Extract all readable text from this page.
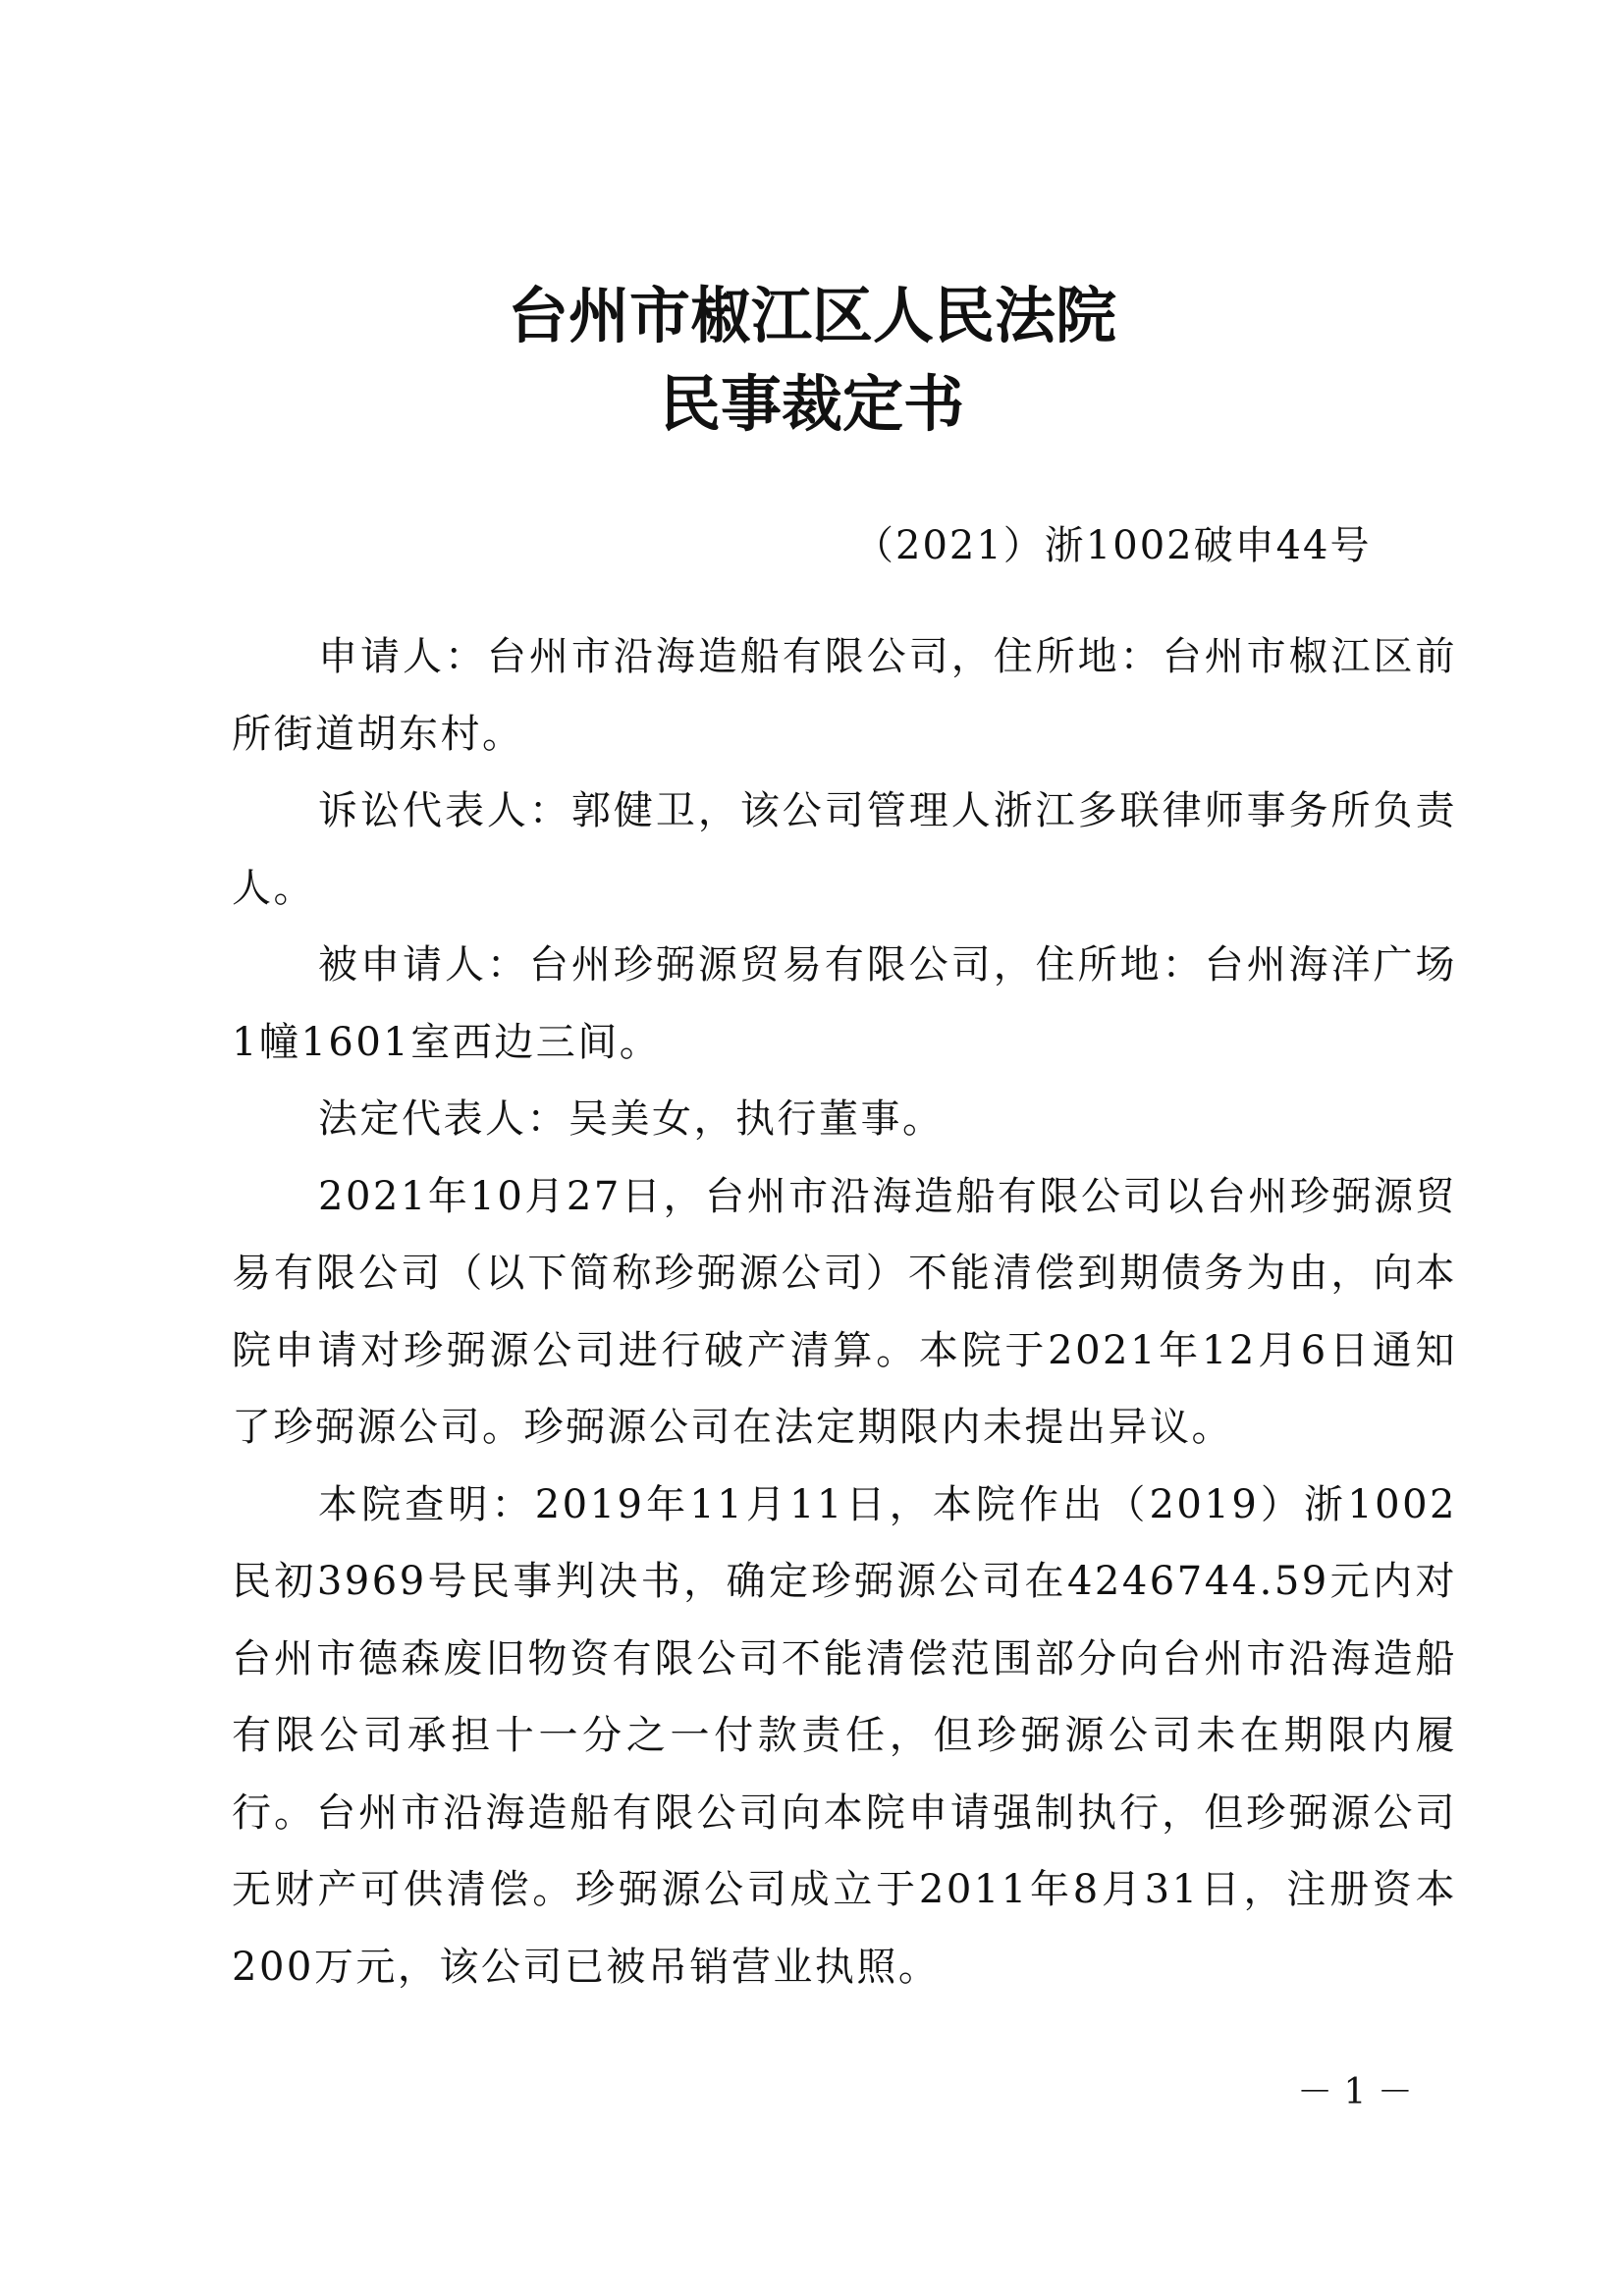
台州市椒江区人民法院
民事裁定书
（2021）浙1002破申44号

申请人：台州市沿海造船有限公司，住所地：台州市椒江区前所街道胡东村。

诉讼代表人：郭健卫，该公司管理人浙江多联律师事务所负责人。

被申请人：台州珍弼源贸易有限公司，住所地：台州海洋广场1幢1601室西边三间。

法定代表人：吴美女，执行董事。

2021年10月27日，台州市沿海造船有限公司以台州珍弼源贸易有限公司（以下简称珍弼源公司）不能清偿到期债务为由，向本院申请对珍弼源公司进行破产清算。本院于2021年12月6日通知了珍弼源公司。珍弼源公司在法定期限内未提出异议。

本院查明：2019年11月11日，本院作出（2019）浙1002民初3969号民事判决书，确定珍弼源公司在4246744.59元内对台州市德森废旧物资有限公司不能清偿范围部分向台州市沿海造船有限公司承担十一分之一付款责任，但珍弼源公司未在期限内履行。台州市沿海造船有限公司向本院申请强制执行，但珍弼源公司无财产可供清偿。珍弼源公司成立于2011年8月31日，注册资本200万元，该公司已被吊销营业执照。

－ 1 －
